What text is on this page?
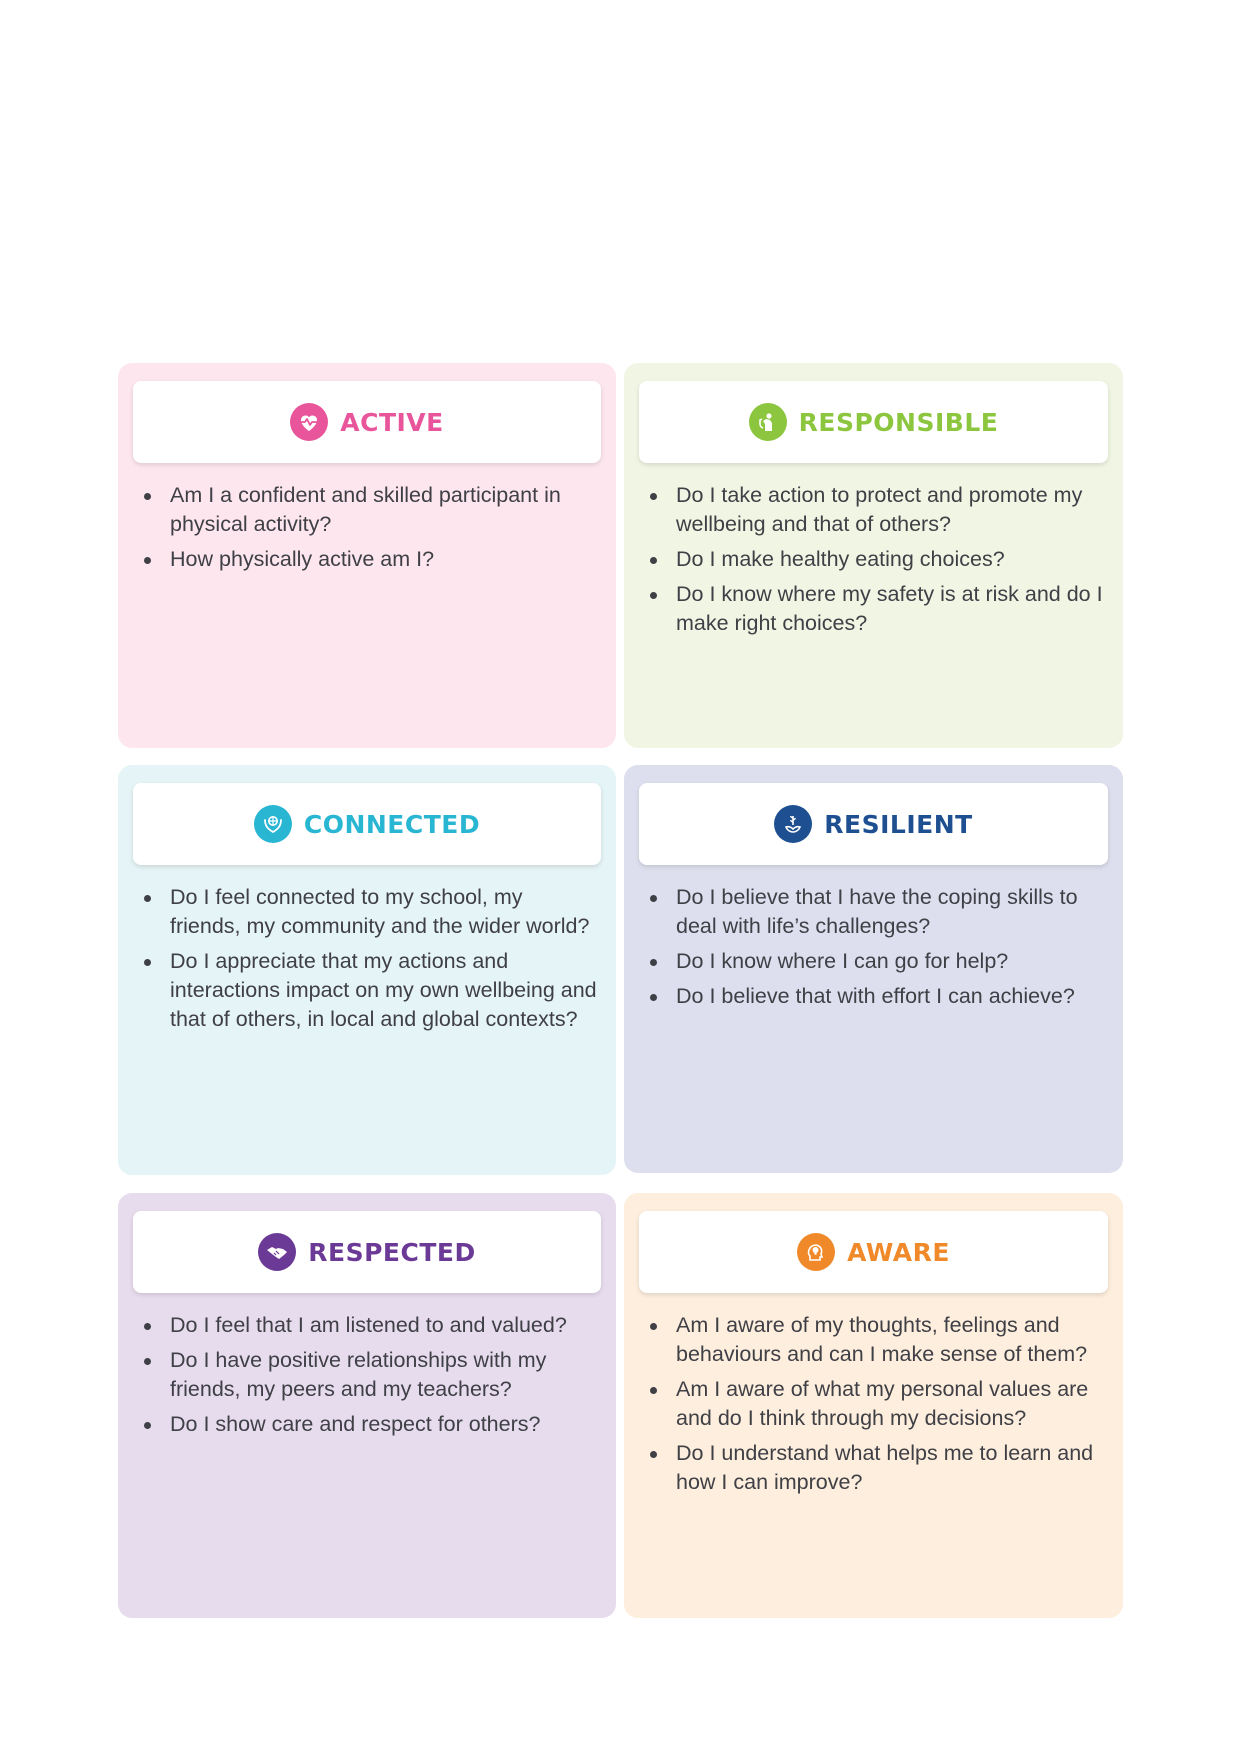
ACTIVE
Am I a confident and skilled participant in physical activity?
How physically active am I?
RESPONSIBLE
Do I take action to protect and promote my wellbeing and that of others?
Do I make healthy eating choices?
Do I know where my safety is at risk and do I make right choices?
CONNECTED
Do I feel connected to my school, my friends, my community and the wider world?
Do I appreciate that my actions and interactions impact on my own wellbeing and that of others, in local and global contexts?
RESILIENT
Do I believe that I have the coping skills to deal with life’s challenges?
Do I know where I can go for help?
Do I believe that with effort I can achieve?
RESPECTED
Do I feel that I am listened to and valued?
Do I have positive relationships with my friends, my peers and my teachers?
Do I show care and respect for others?
AWARE
Am I aware of my thoughts, feelings and behaviours and can I make sense of them?
Am I aware of what my personal values are and do I think through my decisions?
Do I understand what helps me to learn and how I can improve?
